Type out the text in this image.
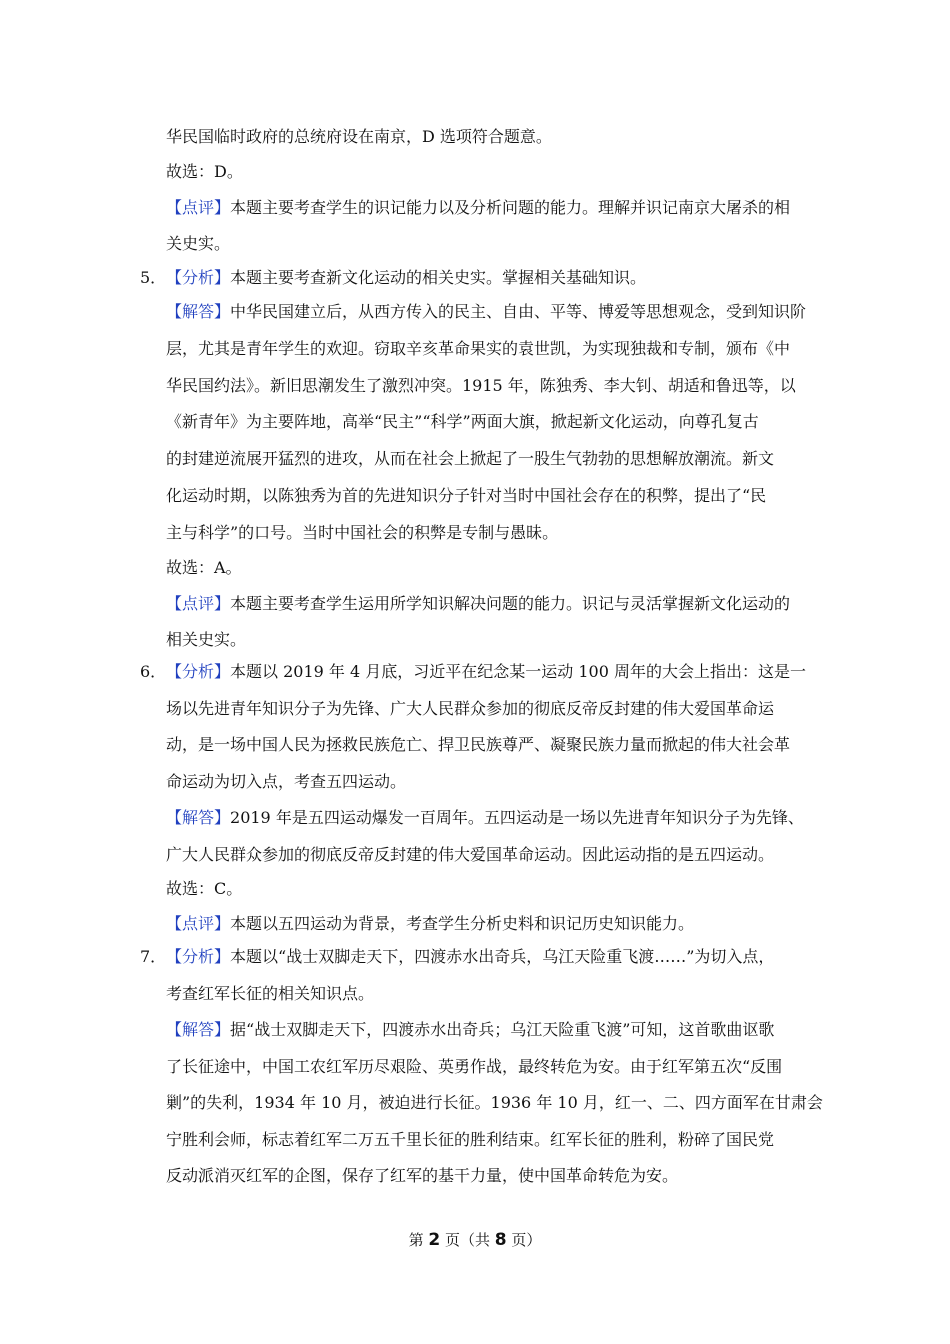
华民国临时政府的总统府设在南京，D 选项符合题意。
故选：D。
【点评】本题主要考查学生的识记能力以及分析问题的能力。理解并识记南京大屠杀的相
关史实。
5．【分析】本题主要考查新文化运动的相关史实。掌握相关基础知识。
【解答】中华民国建立后，从西方传入的民主、自由、平等、博爱等思想观念，受到知识阶
层，尤其是青年学生的欢迎。窃取辛亥革命果实的袁世凯，为实现独裁和专制，颁布《中
华民国约法》。新旧思潮发生了激烈冲突。1915 年，陈独秀、李大钊、胡适和鲁迅等，以
《新青年》为主要阵地，高举“民主”“科学”两面大旗，掀起新文化运动，向尊孔复古
的封建逆流展开猛烈的进攻，从而在社会上掀起了一股生气勃勃的思想解放潮流。新文
化运动时期，以陈独秀为首的先进知识分子针对当时中国社会存在的积弊，提出了“民
主与科学”的口号。当时中国社会的积弊是专制与愚昧。
故选：A。
【点评】本题主要考查学生运用所学知识解决问题的能力。识记与灵活掌握新文化运动的
相关史实。
6．【分析】本题以 2019 年 4 月底，习近平在纪念某一运动 100 周年的大会上指出：这是一
场以先进青年知识分子为先锋、广大人民群众参加的彻底反帝反封建的伟大爱国革命运
动，是一场中国人民为拯救民族危亡、捍卫民族尊严、凝聚民族力量而掀起的伟大社会革
命运动为切入点，考查五四运动。
【解答】2019 年是五四运动爆发一百周年。五四运动是一场以先进青年知识分子为先锋、
广大人民群众参加的彻底反帝反封建的伟大爱国革命运动。因此运动指的是五四运动。
故选：C。
【点评】本题以五四运动为背景，考查学生分析史料和识记历史知识能力。
7．【分析】本题以“战士双脚走天下，四渡赤水出奇兵，乌江天险重飞渡……”为切入点，
考查红军长征的相关知识点。
【解答】据“战士双脚走天下，四渡赤水出奇兵；乌江天险重飞渡”可知，这首歌曲讴歌
了长征途中，中国工农红军历尽艰险、英勇作战，最终转危为安。由于红军第五次“反围
剿”的失利，1934 年 10 月，被迫进行长征。1936 年 10 月，红一、二、四方面军在甘肃会
宁胜利会师，标志着红军二万五千里长征的胜利结束。红军长征的胜利，粉碎了国民党
反动派消灭红军的企图，保存了红军的基干力量，使中国革命转危为安。
第 2 页（共 8 页）
